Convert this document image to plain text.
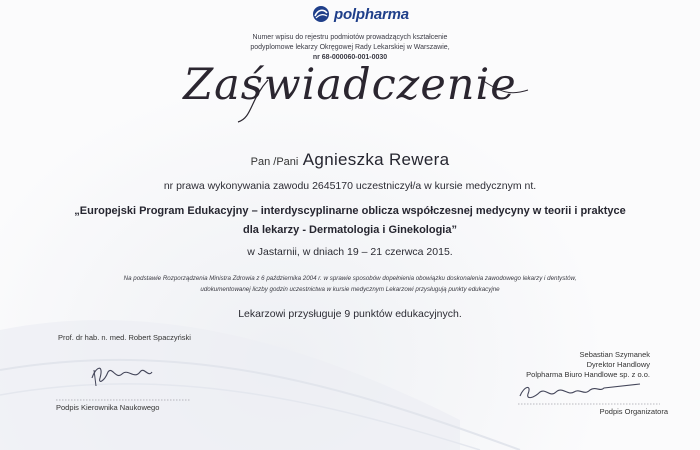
polpharma
Numer wpisu do rejestru podmiotów prowadzących kształcenie
podyplomowe lekarzy Okręgowej Rady Lekarskiej w Warszawie,
nr 68-000060-001-0030
Zaświadczenie
Pan /Pani Agnieszka Rewera
nr prawa wykonywania zawodu 2645170 uczestniczył/a w kursie medycznym nt.
„Europejski Program Edukacyjny – interdyscyplinarne oblicza współczesnej medycyny w teorii i praktyce
dla lekarzy - Dermatologia i Ginekologia”
w Jastarnii, w dniach 19 – 21 czerwca 2015.
Na podstawie Rozporządzenia Ministra Zdrowia z 6 października 2004 r. w sprawie sposobów dopełnienia obowiązku doskonalenia zawodowego lekarzy i dentystów,
udokumentowanej liczby godzin uczestnictwa w kursie medycznym Lekarzowi przysługują punkty edukacyjne
Lekarzowi przysługuje 9 punktów edukacyjnych.
Prof. dr hab. n. med. Robert Spaczyński
Podpis Kierownika Naukowego
Sebastian Szymanek
Dyrektor Handlowy
Polpharma Biuro Handlowe sp. z o.o.
Podpis Organizatora
